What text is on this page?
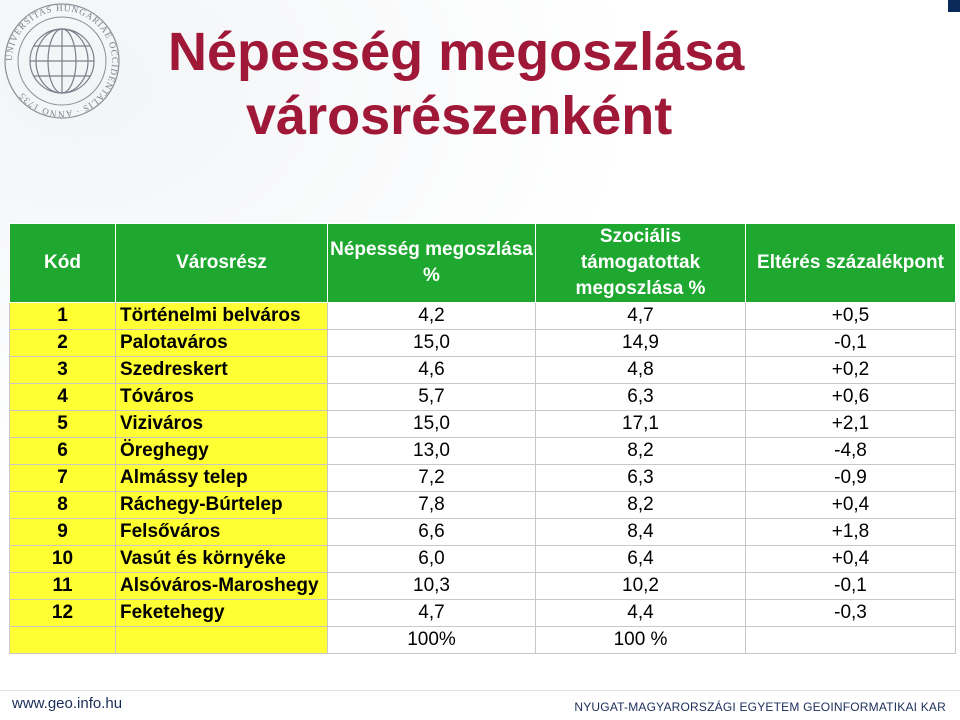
UNIVERSITAS HUNGARIAE OCCIDENTALIS · ANNO 1735
Népesség megoszlása

városrészenként
Kód	Városrész	Népesség megoszlása %	Szociális támogatottak megoszlása %	Eltérés százalékpont
1	Történelmi belváros	4,2	4,7	+0,5
2	Palotaváros	15,0	14,9	-0,1
3	Szedreskert	4,6	4,8	+0,2
4	Tóváros	5,7	6,3	+0,6
5	Viziváros	15,0	17,1	+2,1
6	Öreghegy	13,0	8,2	-4,8
7	Almássy telep	7,2	6,3	-0,9
8	Ráchegy-Búrtelep	7,8	8,2	+0,4
9	Felsőváros	6,6	8,4	+1,8
10	Vasút és környéke	6,0	6,4	+0,4
11	Alsóváros-Maroshegy	10,3	10,2	-0,1
12	Feketehegy	4,7	4,4	-0,3
		100%	100 %	
www.geo.info.hu	NYUGAT-MAGYARORSZÁGI EGYETEM GEOINFORMATIKAI KAR
